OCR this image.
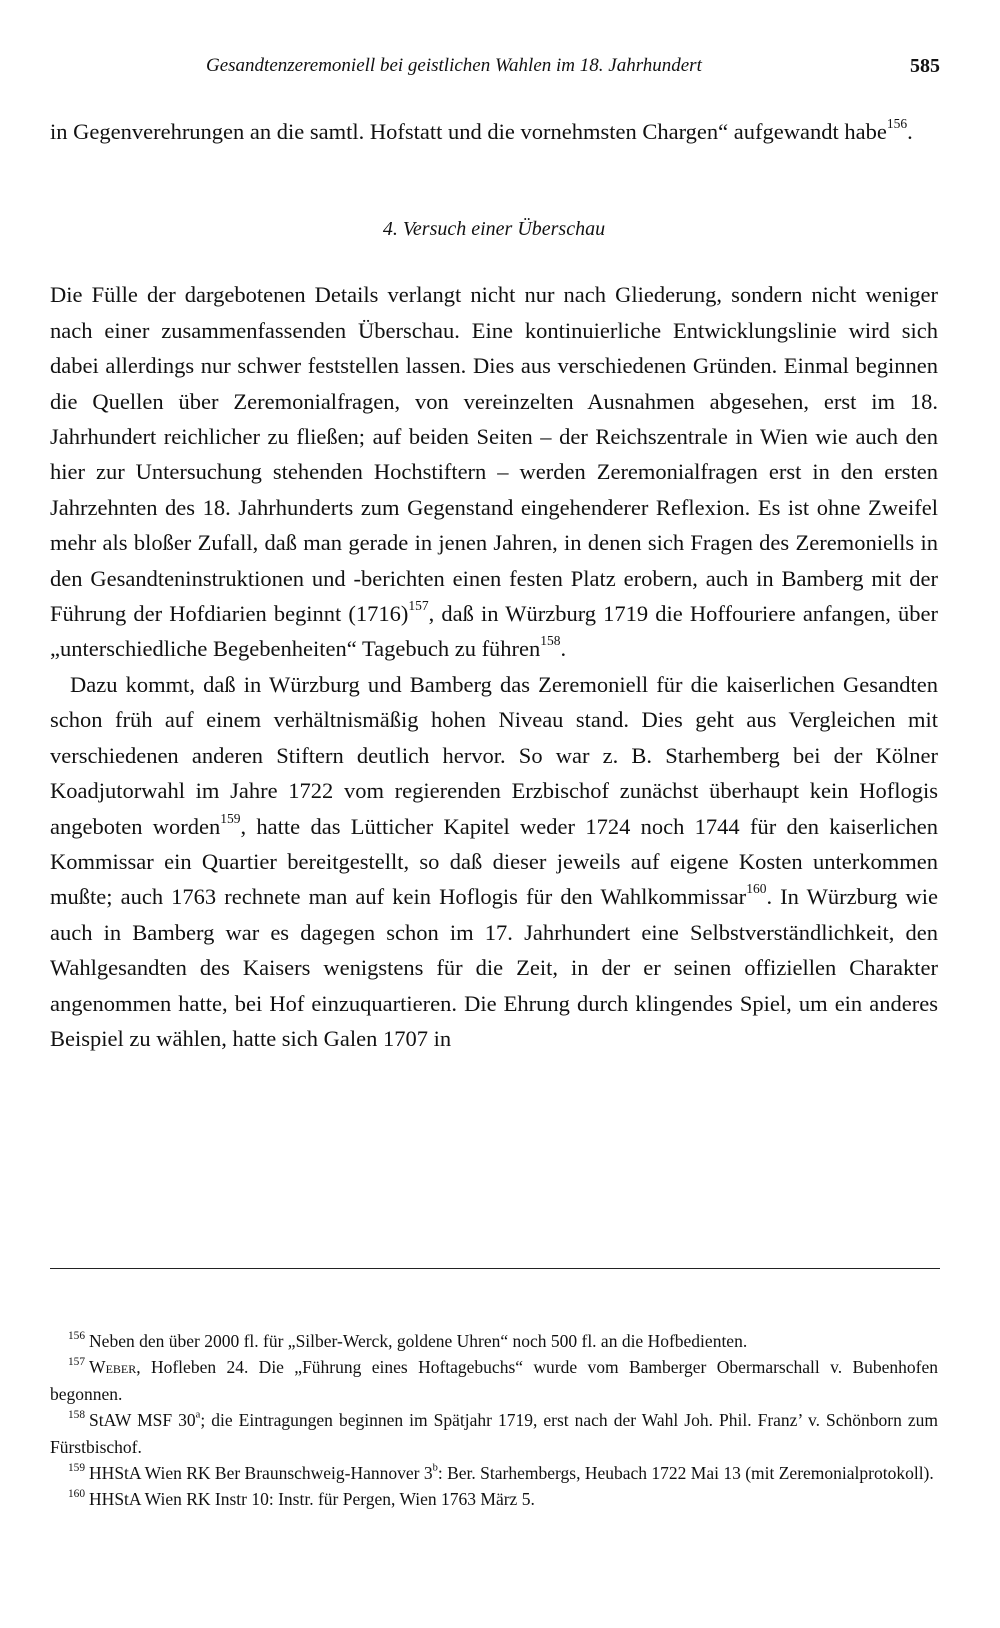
Gesandtenzeremoniell bei geistlichen Wahlen im 18. Jahrhundert	585

in Gegenverehrungen an die samtl. Hofstatt und die vornehmsten Chargen“ aufgewandt habe$^{156}$.

4. Versuch einer Überschau

Die Fülle der dargebotenen Details verlangt nicht nur nach Gliederung, sondern nicht weniger nach einer zusammenfassenden Überschau. Eine kontinuierliche Entwicklungslinie wird sich dabei allerdings nur schwer feststellen lassen. Dies aus verschiedenen Gründen. Einmal beginnen die Quellen über Zeremonialfragen, von vereinzelten Ausnahmen abgesehen, erst im 18. Jahrhundert reichlicher zu fließen; auf beiden Seiten – der Reichszentrale in Wien wie auch den hier zur Untersuchung stehenden Hochstiftern – werden Zeremonialfragen erst in den ersten Jahrzehnten des 18. Jahrhunderts zum Gegenstand eingehenderer Reflexion. Es ist ohne Zweifel mehr als bloßer Zufall, daß man gerade in jenen Jahren, in denen sich Fragen des Zeremoniells in den Gesandteninstruktionen und -berichten einen festen Platz erobern, auch in Bamberg mit der Führung der Hofdiarien beginnt $(1716)^{157}$, daß in Würzburg 1719 die Hoffouriere anfangen, über „unterschiedliche Begebenheiten“ Tagebuch zu führen$^{158}$.

Dazu kommt, daß in Würzburg und Bamberg das Zeremoniell für die kaiserlichen Gesandten schon früh auf einem verhältnismäßig hohen Niveau stand. Dies geht aus Vergleichen mit verschiedenen anderen Stiftern deutlich hervor. So war z. B. Starhemberg bei der Kölner Koadjutorwahl im Jahre 1722 vom regierenden Erzbischof zunächst überhaupt kein Hoflogis angeboten worden$^{159}$, hatte das Lütticher Kapitel weder 1724 noch 1744 für den kaiserlichen Kommissar ein Quartier bereitgestellt, so daß dieser jeweils auf eigene Kosten unterkommen mußte; auch 1763 rechnete man auf kein Hoflogis für den Wahlkommissar$^{160}$. In Würzburg wie auch in Bamberg war es dagegen schon im 17. Jahrhundert eine Selbstverständlichkeit, den Wahlgesandten des Kaisers wenigstens für die Zeit, in der er seinen offiziellen Charakter angenommen hatte, bei Hof einzuquartieren. Die Ehrung durch klingendes Spiel, um ein anderes Beispiel zu wählen, hatte sich Galen 1707 in

$^{156}$ Neben den über 2000 fl. für „Silber-Werck, goldene Uhren“ noch 500 fl. an die Hofbedienten.

$^{157}$ Weber, Hofleben 24. Die „Führung eines Hoftagebuchs“ wurde vom Bamberger Obermarschall v. Bubenhofen begonnen.

$^{158}$ StAW MSF 30$^a$; die Eintragungen beginnen im Spätjahr 1719, erst nach der Wahl Joh. Phil. Franz’ v. Schönborn zum Fürstbischof.

$^{159}$ HHStA Wien RK Ber Braunschweig-Hannover 3$^b$: Ber. Starhembergs, Heubach 1722 Mai 13 (mit Zeremonialprotokoll).

$^{160}$ HHStA Wien RK Instr 10: Instr. für Pergen, Wien 1763 März 5.
